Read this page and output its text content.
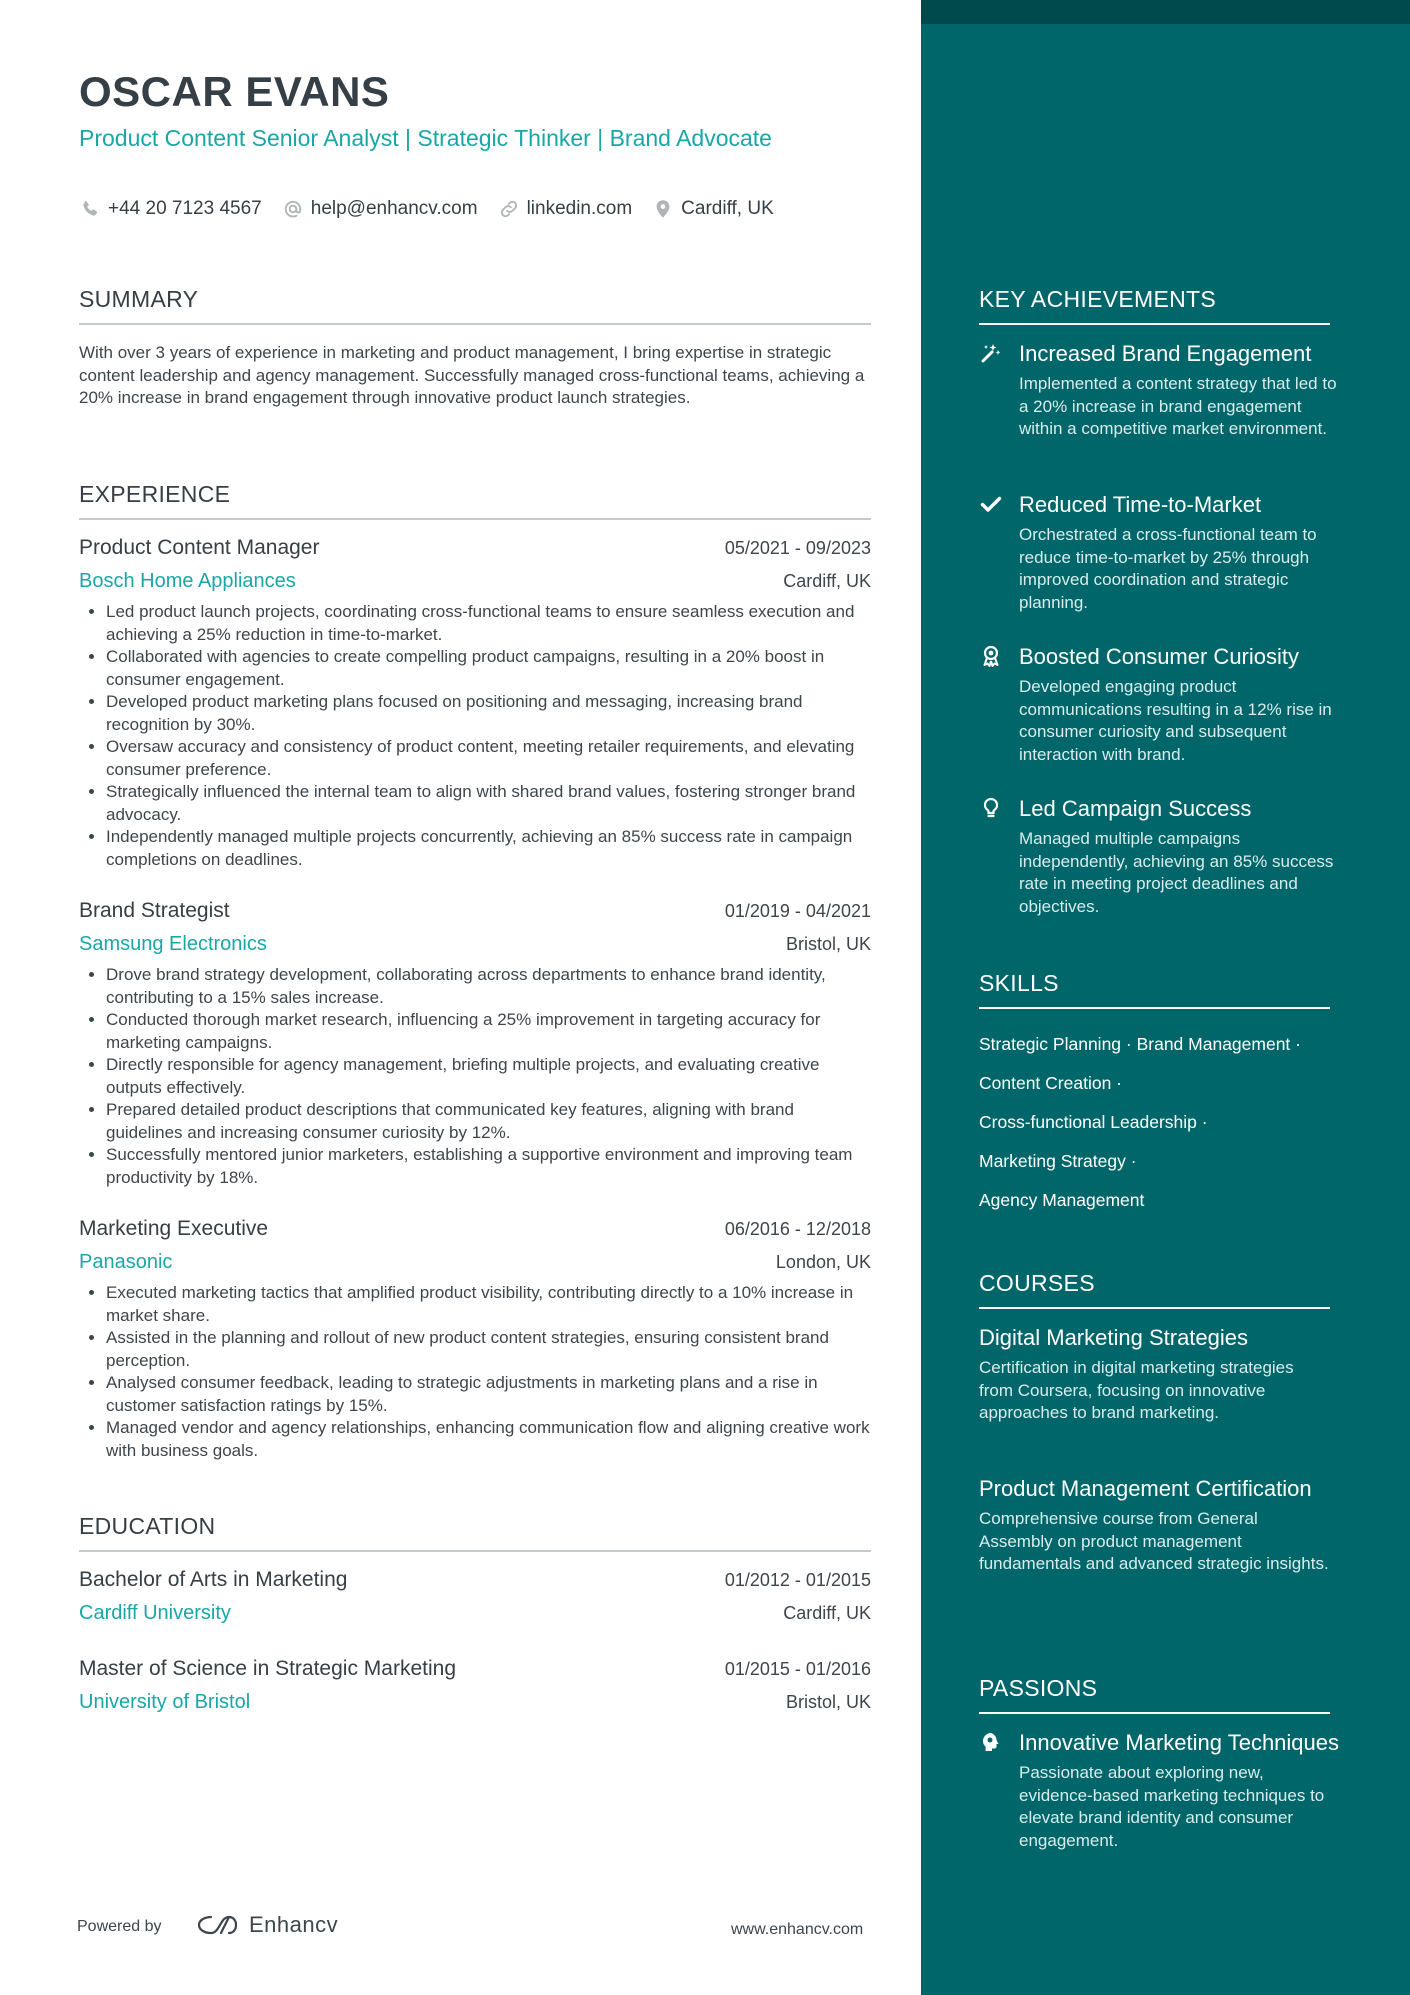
OSCAR EVANS
Product Content Senior Analyst | Strategic Thinker | Brand Advocate
+44 20 7123 4567	help@enhancv.com	linkedin.com	Cardiff, UK
SUMMARY
With over 3 years of experience in marketing and product management, I bring expertise in strategic content leadership and agency management. Successfully managed cross-functional teams, achieving a 20% increase in brand engagement through innovative product launch strategies.
EXPERIENCE
Product Content Manager	05/2021 - 09/2023
Bosch Home Appliances	Cardiff, UK
• Led product launch projects, coordinating cross-functional teams to ensure seamless execution and achieving a 25% reduction in time-to-market.
• Collaborated with agencies to create compelling product campaigns, resulting in a 20% boost in consumer engagement.
• Developed product marketing plans focused on positioning and messaging, increasing brand recognition by 30%.
• Oversaw accuracy and consistency of product content, meeting retailer requirements, and elevating consumer preference.
• Strategically influenced the internal team to align with shared brand values, fostering stronger brand advocacy.
• Independently managed multiple projects concurrently, achieving an 85% success rate in campaign completions on deadlines.
Brand Strategist	01/2019 - 04/2021
Samsung Electronics	Bristol, UK
• Drove brand strategy development, collaborating across departments to enhance brand identity, contributing to a 15% sales increase.
• Conducted thorough market research, influencing a 25% improvement in targeting accuracy for marketing campaigns.
• Directly responsible for agency management, briefing multiple projects, and evaluating creative outputs effectively.
• Prepared detailed product descriptions that communicated key features, aligning with brand guidelines and increasing consumer curiosity by 12%.
• Successfully mentored junior marketers, establishing a supportive environment and improving team productivity by 18%.
Marketing Executive	06/2016 - 12/2018
Panasonic	London, UK
• Executed marketing tactics that amplified product visibility, contributing directly to a 10% increase in market share.
• Assisted in the planning and rollout of new product content strategies, ensuring consistent brand perception.
• Analysed consumer feedback, leading to strategic adjustments in marketing plans and a rise in customer satisfaction ratings by 15%.
• Managed vendor and agency relationships, enhancing communication flow and aligning creative work with business goals.
EDUCATION
Bachelor of Arts in Marketing	01/2012 - 01/2015
Cardiff University	Cardiff, UK
Master of Science in Strategic Marketing	01/2015 - 01/2016
University of Bristol	Bristol, UK
Powered by	Enhancv	www.enhancv.com
KEY ACHIEVEMENTS
Increased Brand Engagement
Implemented a content strategy that led to a 20% increase in brand engagement within a competitive market environment.
Reduced Time-to-Market
Orchestrated a cross-functional team to reduce time-to-market by 25% through improved coordination and strategic planning.
Boosted Consumer Curiosity
Developed engaging product communications resulting in a 12% rise in consumer curiosity and subsequent interaction with brand.
Led Campaign Success
Managed multiple campaigns independently, achieving an 85% success rate in meeting project deadlines and objectives.
SKILLS
Strategic Planning · Brand Management ·
Content Creation ·
Cross-functional Leadership ·
Marketing Strategy ·
Agency Management
COURSES
Digital Marketing Strategies
Certification in digital marketing strategies from Coursera, focusing on innovative approaches to brand marketing.
Product Management Certification
Comprehensive course from General Assembly on product management fundamentals and advanced strategic insights.
PASSIONS
Innovative Marketing Techniques
Passionate about exploring new, evidence-based marketing techniques to elevate brand identity and consumer engagement.
